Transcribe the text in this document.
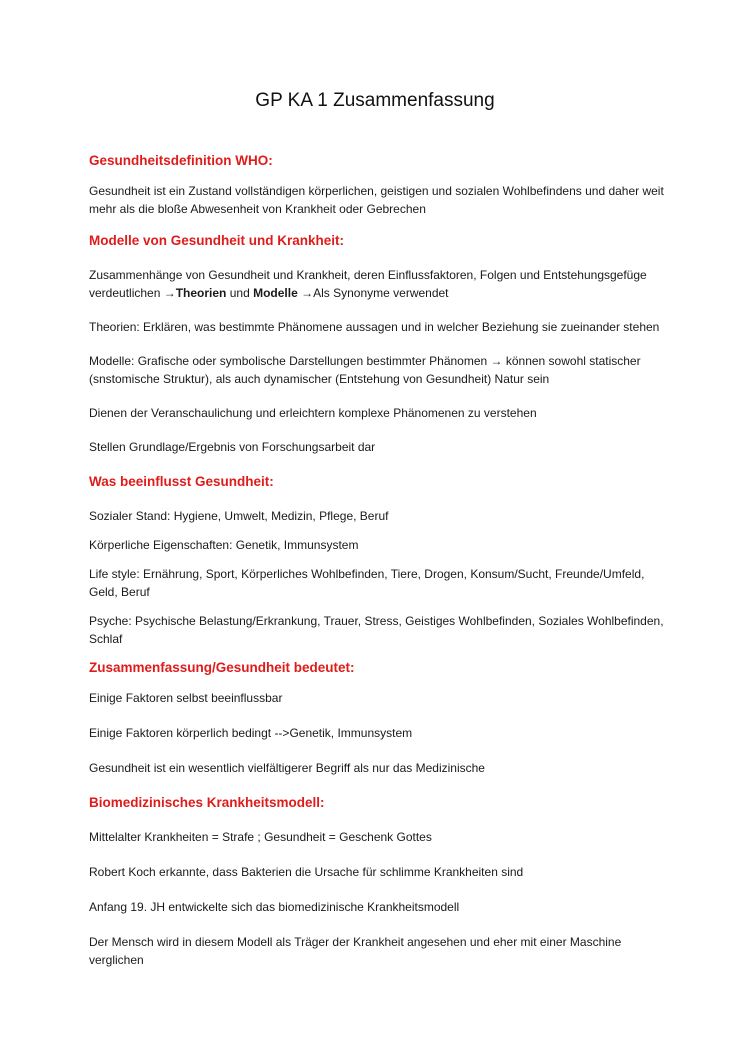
GP KA 1 Zusammenfassung
Gesundheitsdefinition WHO:

Gesundheit ist ein Zustand vollständigen körperlichen, geistigen und sozialen Wohlbefindens und daher weit mehr als die bloße Abwesenheit von Krankheit oder Gebrechen

Modelle von Gesundheit und Krankheit:

Zusammenhänge von Gesundheit und Krankheit, deren Einflussfaktoren, Folgen und Entstehungsgefüge verdeutlichen →Theorien und Modelle →Als Synonyme verwendet

Theorien: Erklären, was bestimmte Phänomene aussagen und in welcher Beziehung sie zueinander stehen

Modelle: Grafische oder symbolische Darstellungen bestimmter Phänomen → können sowohl statischer (snstomische Struktur), als auch dynamischer (Entstehung von Gesundheit) Natur sein

Dienen der Veranschaulichung und erleichtern komplexe Phänomenen zu verstehen

Stellen Grundlage/Ergebnis von Forschungsarbeit dar

Was beeinflusst Gesundheit:

Sozialer Stand: Hygiene, Umwelt, Medizin, Pflege, Beruf

Körperliche Eigenschaften: Genetik, Immunsystem

Life style: Ernährung, Sport, Körperliches Wohlbefinden, Tiere, Drogen, Konsum/Sucht, Freunde/Umfeld, Geld, Beruf

Psyche: Psychische Belastung/Erkrankung, Trauer, Stress, Geistiges Wohlbefinden, Soziales Wohlbefinden, Schlaf

Zusammenfassung/Gesundheit bedeutet:

Einige Faktoren selbst beeinflussbar

Einige Faktoren körperlich bedingt -->Genetik, Immunsystem

Gesundheit ist ein wesentlich vielfältigerer Begriff als nur das Medizinische

Biomedizinisches Krankheitsmodell:

Mittelalter Krankheiten = Strafe ; Gesundheit = Geschenk Gottes

Robert Koch erkannte, dass Bakterien die Ursache für schlimme Krankheiten sind

Anfang 19. JH entwickelte sich das biomedizinische Krankheitsmodell

Der Mensch wird in diesem Modell als Träger der Krankheit angesehen und eher mit einer Maschine verglichen
